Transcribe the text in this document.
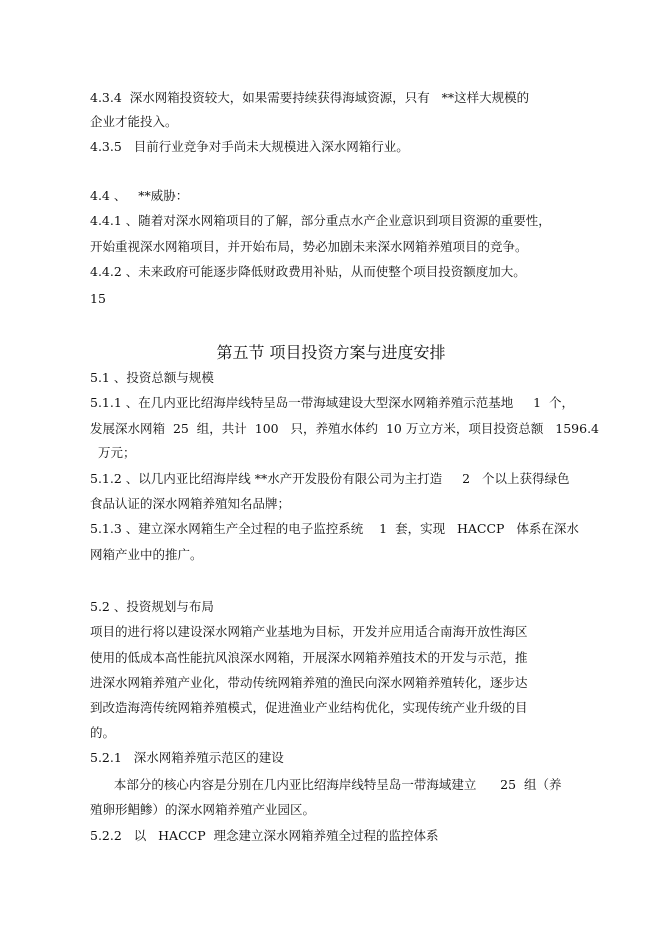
4.3.4  深水网箱投资较大，如果需要持续获得海域资源，只有   **这样大规模的
企业才能投入。
4.3.5   目前行业竞争对手尚未大规模进入深水网箱行业。
4.4 、   **威胁：
4.4.1 、随着对深水网箱项目的了解，部分重点水产企业意识到项目资源的重要性，
开始重视深水网箱项目，并开始布局，势必加剧未来深水网箱养殖项目的竞争。
4.4.2 、未来政府可能逐步降低财政费用补贴，从而使整个项目投资额度加大。
15
第五节 项目投资方案与进度安排
5.1 、投资总额与规模
5.1.1 、在几内亚比绍海岸线特呈岛一带海域建设大型深水网箱养殖示范基地     1  个，
发展深水网箱  25  组，共计  100   只，养殖水体约  10 万立方米，项目投资总额   1596.4
万元；
5.1.2 、以几内亚比绍海岸线 **水产开发股份有限公司为主打造     2   个以上获得绿色
食品认证的深水网箱养殖知名品牌；
5.1.3 、建立深水网箱生产全过程的电子监控系统    1  套，实现   HACCP   体系在深水
网箱产业中的推广。
5.2 、投资规划与布局
项目的进行将以建设深水网箱产业基地为目标，开发并应用适合南海开放性海区
使用的低成本高性能抗风浪深水网箱，开展深水网箱养殖技术的开发与示范，推
进深水网箱养殖产业化，带动传统网箱养殖的渔民向深水网箱养殖转化，逐步达
到改造海湾传统网箱养殖模式，促进渔业产业结构优化，实现传统产业升级的目
的。
5.2.1   深水网箱养殖示范区的建设
本部分的核心内容是分别在几内亚比绍海岸线特呈岛一带海域建立      25  组（养
殖卵形鲳鲹）的深水网箱养殖产业园区。
5.2.2   以   HACCP  理念建立深水网箱养殖全过程的监控体系
